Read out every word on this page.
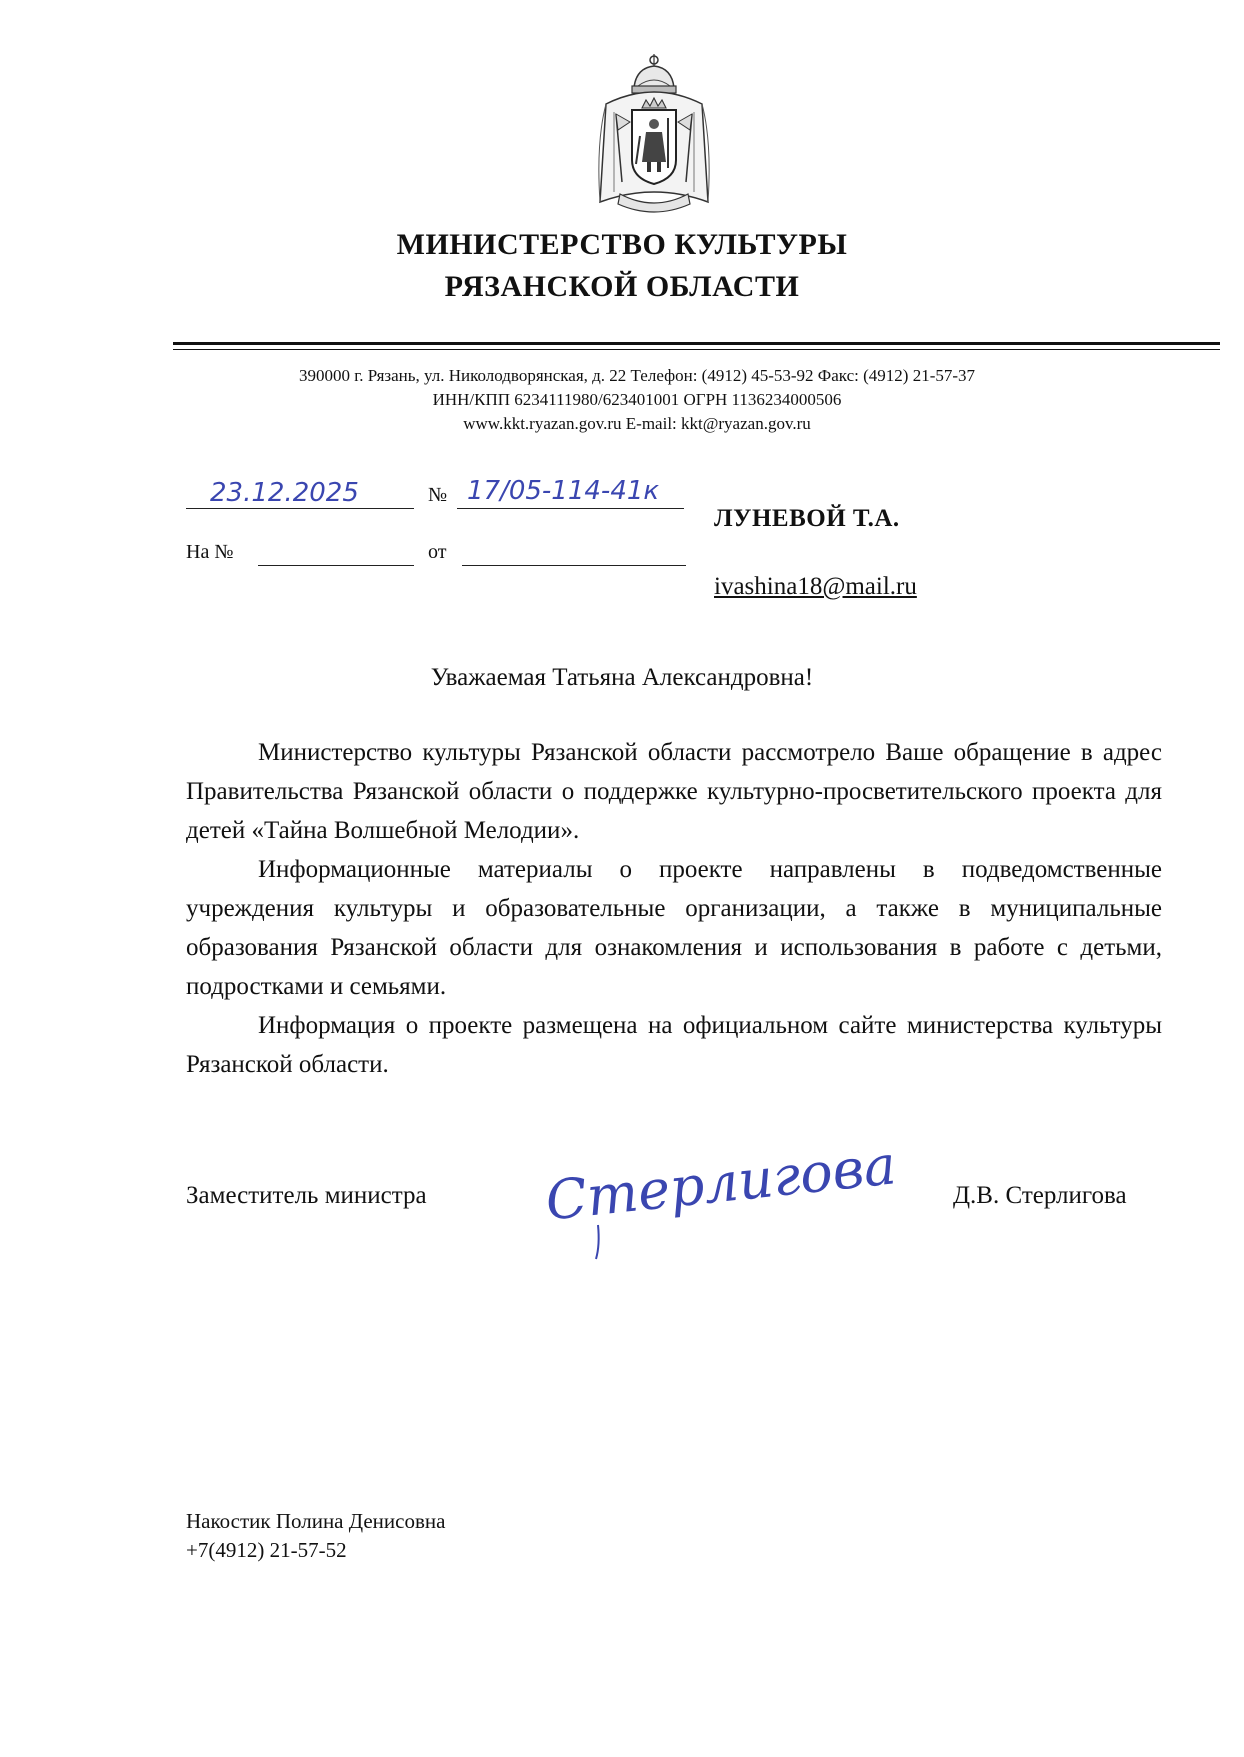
МИНИСТЕРСТВО КУЛЬТУРЫ
РЯЗАНСКОЙ ОБЛАСТИ
390000 г. Рязань, ул. Николодворянская, д. 22 Телефон: (4912) 45-53-92 Факс: (4912) 21-57-37
ИНН/КПП 6234111980/623401001 ОГРН 1136234000506
www.kkt.ryazan.gov.ru E-mail: kkt@ryazan.gov.ru
23.12.2025	№ 17/05-114-41к
На №	от
ЛУНЕВОЙ Т.А.
ivashina18@mail.ru
Уважаемая Татьяна Александровна!

Министерство культуры Рязанской области рассмотрело Ваше обращение в адрес Правительства Рязанской области о поддержке культурно-просветительского проекта для детей «Тайна Волшебной Мелодии».

Информационные материалы о проекте направлены в подведомственные учреждения культуры и образовательные организации, а также в муниципальные образования Рязанской области для ознакомления и использования в работе с детьми, подростками и семьями.

Информация о проекте размещена на официальном сайте министерства культуры Рязанской области.

Заместитель министра Стерлигова Д.В. Стерлигова
Накостик Полина Денисовна
+7(4912) 21-57-52
